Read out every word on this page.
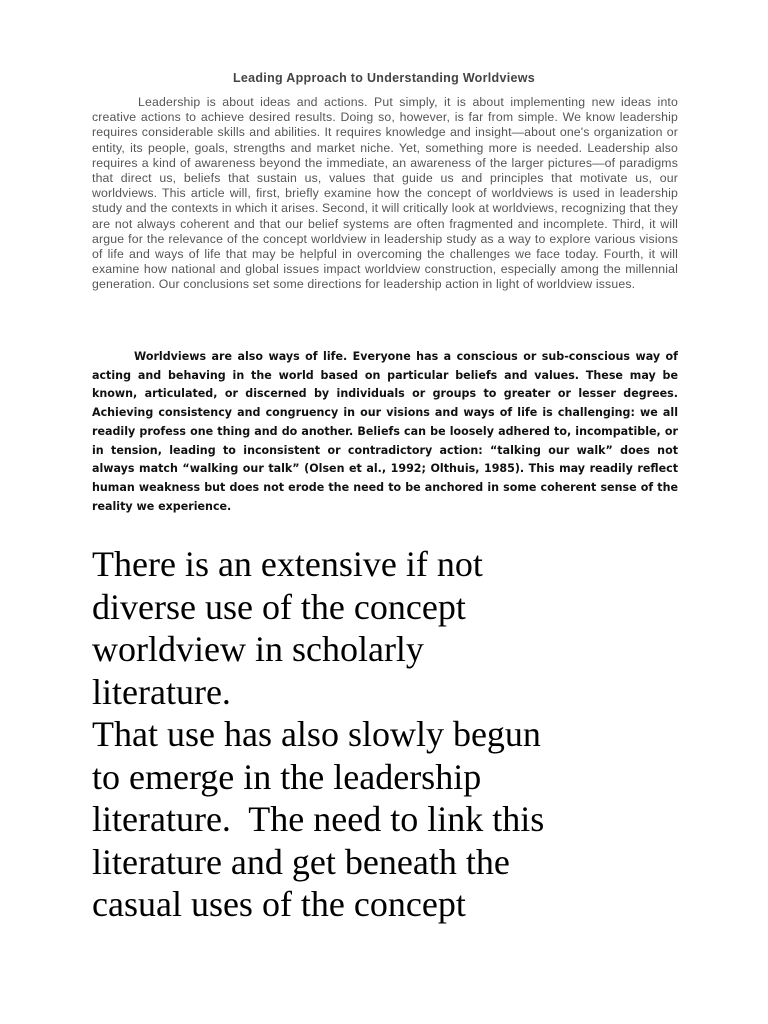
Leading Approach to Understanding Worldviews

Leadership is about ideas and actions. Put simply, it is about implementing new ideas into creative actions to achieve desired results. Doing so, however, is far from simple. We know leadership requires considerable skills and abilities. It requires knowledge and insight—about one's organization or entity, its people, goals, strengths and market niche. Yet, something more is needed. Leadership also requires a kind of awareness beyond the immediate, an awareness of the larger pictures—of paradigms that direct us, beliefs that sustain us, values that guide us and principles that motivate us, our worldviews. This article will, first, briefly examine how the concept of worldviews is used in leadership study and the contexts in which it arises. Second, it will critically look at worldviews, recognizing that they are not always coherent and that our belief systems are often fragmented and incomplete. Third, it will argue for the relevance of the concept worldview in leadership study as a way to explore various visions of life and ways of life that may be helpful in overcoming the challenges we face today. Fourth, it will examine how national and global issues impact worldview construction, especially among the millennial generation. Our conclusions set some directions for leadership action in light of worldview issues.

Worldviews are also ways of life. Everyone has a conscious or sub-conscious way of acting and behaving in the world based on particular beliefs and values. These may be known, articulated, or discerned by individuals or groups to greater or lesser degrees. Achieving consistency and congruency in our visions and ways of life is challenging: we all readily profess one thing and do another. Beliefs can be loosely adhered to, incompatible, or in tension, leading to inconsistent or contradictory action: “talking our walk” does not always match “walking our talk” (Olsen et al., 1992; Olthuis, 1985). This may readily reflect human weakness but does not erode the need to be anchored in some coherent sense of the reality we experience.

There is an extensive if not
diverse use of the concept
worldview in scholarly
literature.
That use has also slowly begun
to emerge in the leadership
literature.  The need to link this
literature and get beneath the
casual uses of the concept
